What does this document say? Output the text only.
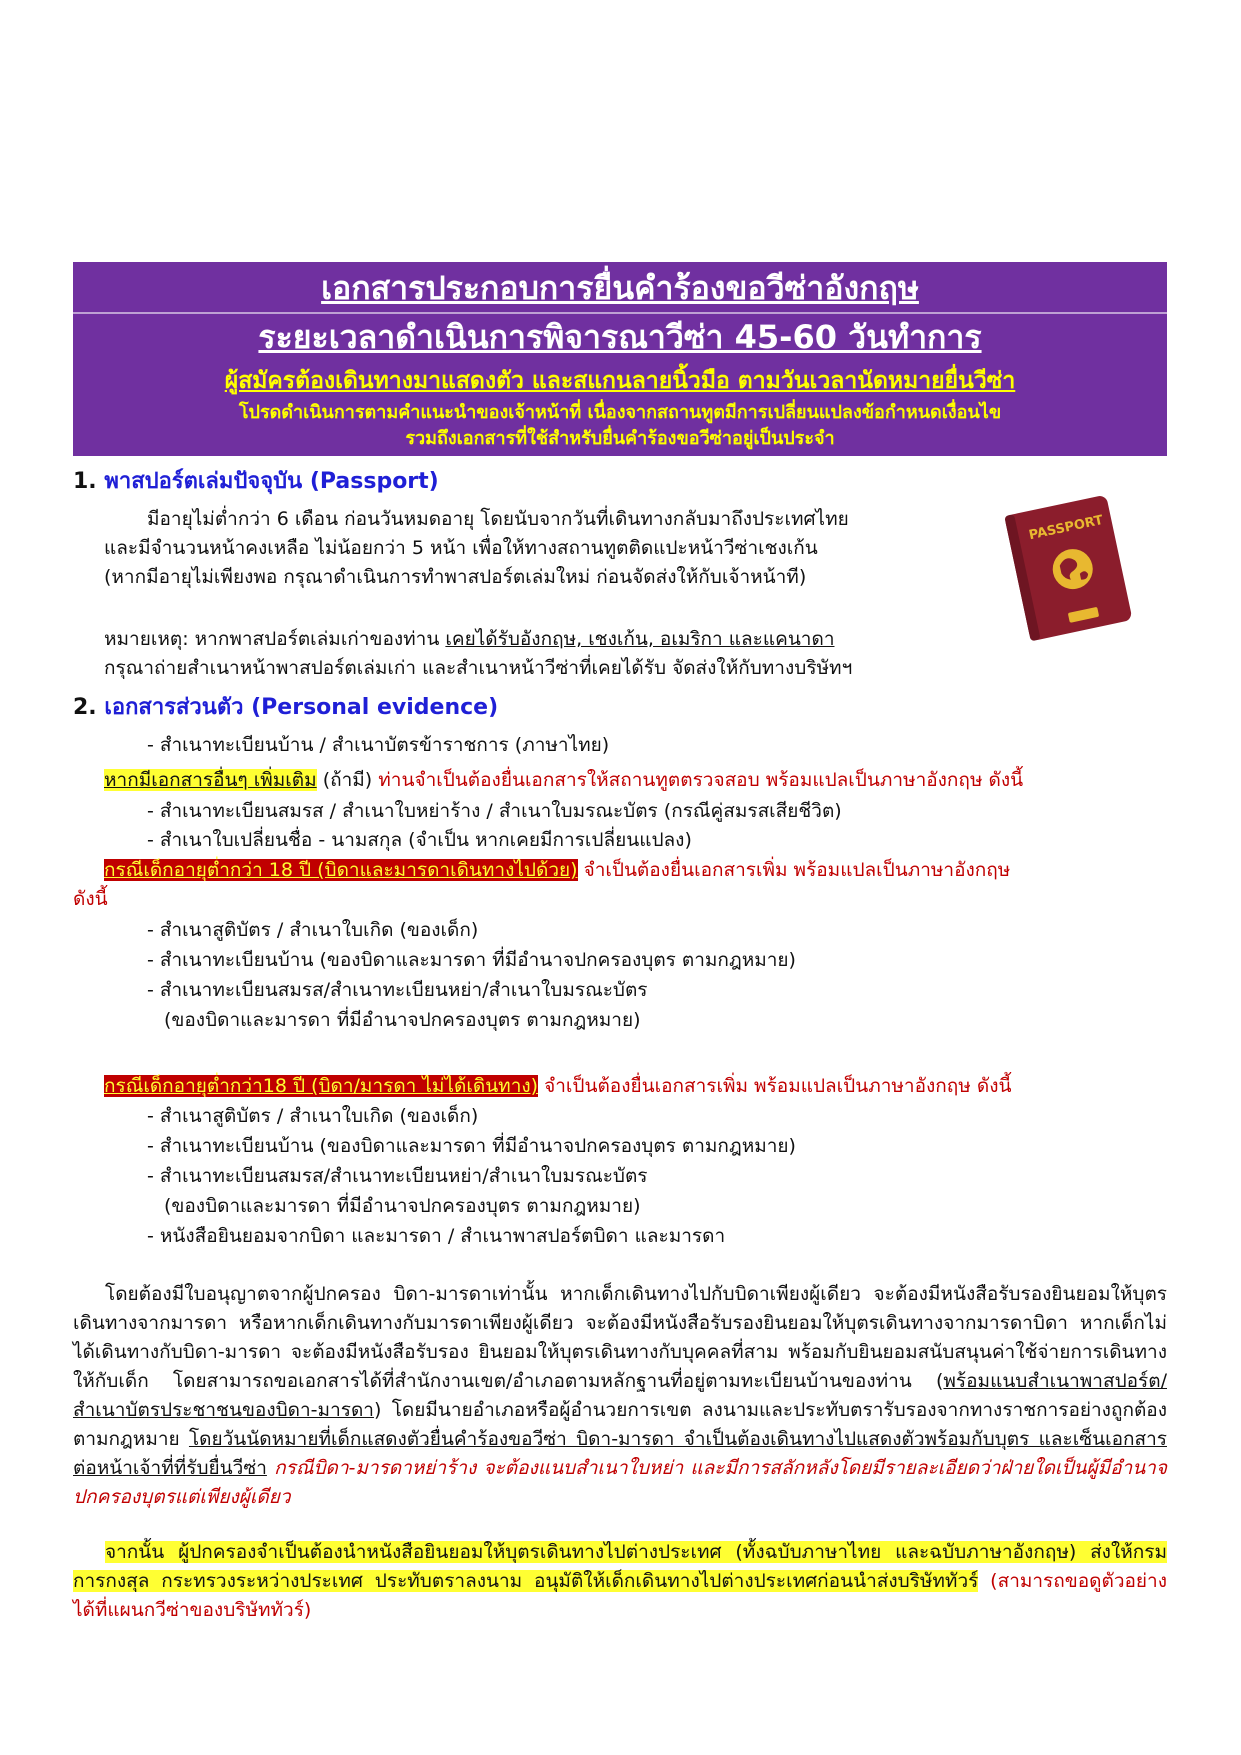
เอกสารประกอบการยื่นคำร้องขอวีซ่าอังกฤษ
ระยะเวลาดำเนินการพิจารณาวีซ่า 45-60 วันทำการ
ผู้สมัครต้องเดินทางมาแสดงตัว และสแกนลายนิ้วมือ ตามวันเวลานัดหมายยื่นวีซ่า
โปรดดำเนินการตามคำแนะนำของเจ้าหน้าที่ เนื่องจากสถานทูตมีการเปลี่ยนแปลงข้อกำหนดเงื่อนไข
รวมถึงเอกสารที่ใช้สำหรับยื่นคำร้องขอวีซ่าอยู่เป็นประจำ
1. พาสปอร์ตเล่มปัจจุบัน (Passport)
มีอายุไม่ต่ำกว่า 6 เดือน ก่อนวันหมดอายุ โดยนับจากวันที่เดินทางกลับมาถึงประเทศไทย
และมีจำนวนหน้าคงเหลือ ไม่น้อยกว่า 5 หน้า เพื่อให้ทางสถานทูตติดแปะหน้าวีซ่าเชงเก้น
(หากมีอายุไม่เพียงพอ กรุณาดำเนินการทำพาสปอร์ตเล่มใหม่ ก่อนจัดส่งให้กับเจ้าหน้าที)
หมายเหตุ: หากพาสปอร์ตเล่มเก่าของท่าน เคยได้รับอังกฤษ, เชงเก้น, อเมริกา และแคนาดา
กรุณาถ่ายสำเนาหน้าพาสปอร์ตเล่มเก่า และสำเนาหน้าวีซ่าที่เคยได้รับ จัดส่งให้กับทางบริษัทฯ
PASSPORT
2. เอกสารส่วนตัว (Personal evidence)
- สำเนาทะเบียนบ้าน / สำเนาบัตรข้าราชการ (ภาษาไทย)
หากมีเอกสารอื่นๆ เพิ่มเติม (ถ้ามี) ท่านจำเป็นต้องยื่นเอกสารให้สถานทูตตรวจสอบ พร้อมแปลเป็นภาษาอังกฤษ ดังนี้
- สำเนาทะเบียนสมรส / สำเนาใบหย่าร้าง / สำเนาใบมรณะบัตร (กรณีคู่สมรสเสียชีวิต)
- สำเนาใบเปลี่ยนชื่อ - นามสกุล (จำเป็น หากเคยมีการเปลี่ยนแปลง)
กรณีเด็กอายุต่ำกว่า 18 ปี (บิดาและมารดาเดินทางไปด้วย) จำเป็นต้องยื่นเอกสารเพิ่ม พร้อมแปลเป็นภาษาอังกฤษ
ดังนี้
- สำเนาสูติบัตร / สำเนาใบเกิด (ของเด็ก)
- สำเนาทะเบียนบ้าน (ของบิดาและมารดา ที่มีอำนาจปกครองบุตร ตามกฎหมาย)
- สำเนาทะเบียนสมรส/สำเนาทะเบียนหย่า/สำเนาใบมรณะบัตร
(ของบิดาและมารดา ที่มีอำนาจปกครองบุตร ตามกฎหมาย)
กรณีเด็กอายุต่ำกว่า18 ปี (บิดา/มารดา ไม่ได้เดินทาง) จำเป็นต้องยื่นเอกสารเพิ่ม พร้อมแปลเป็นภาษาอังกฤษ ดังนี้
- สำเนาสูติบัตร / สำเนาใบเกิด (ของเด็ก)
- สำเนาทะเบียนบ้าน (ของบิดาและมารดา ที่มีอำนาจปกครองบุตร ตามกฎหมาย)
- สำเนาทะเบียนสมรส/สำเนาทะเบียนหย่า/สำเนาใบมรณะบัตร
(ของบิดาและมารดา ที่มีอำนาจปกครองบุตร ตามกฎหมาย)
- หนังสือยินยอมจากบิดา และมารดา / สำเนาพาสปอร์ตบิดา และมารดา
โดยต้องมีใบอนุญาตจากผู้ปกครอง บิดา-มารดาเท่านั้น หากเด็กเดินทางไปกับบิดาเพียงผู้เดียว จะต้องมีหนังสือรับรองยินยอมให้บุตรเดินทางจากมารดา หรือหากเด็กเดินทางกับมารดาเพียงผู้เดียว จะต้องมีหนังสือรับรองยินยอมให้บุตรเดินทางจากมารดาบิดา หากเด็กไม่ได้เดินทางกับบิดา-มารดา จะต้องมีหนังสือรับรอง ยินยอมให้บุตรเดินทางกับบุคคลที่สาม พร้อมกับยินยอมสนับสนุนค่าใช้จ่ายการเดินทางให้กับเด็ก โดยสามารถขอเอกสารได้ที่สำนักงานเขต/อำเภอตามหลักฐานที่อยู่ตามทะเบียนบ้านของท่าน (พร้อมแนบสำเนาพาสปอร์ต/สำเนาบัตรประชาชนของบิดา-มารดา) โดยมีนายอำเภอหรือผู้อำนวยการเขต ลงนามและประทับตรารับรองจากทางราชการอย่างถูกต้องตามกฎหมาย โดยวันนัดหมายที่เด็กแสดงตัวยื่นคำร้องขอวีซ่า บิดา-มารดา จำเป็นต้องเดินทางไปแสดงตัวพร้อมกับบุตร และเซ็นเอกสารต่อหน้าเจ้าที่ที่รับยื่นวีซ่า กรณีบิดา-มารดาหย่าร้าง จะต้องแนบสำเนาใบหย่า และมีการสลักหลังโดยมีรายละเอียดว่าฝ่ายใดเป็นผู้มีอำนาจปกครองบุตรแต่เพียงผู้เดียว
จากนั้น ผู้ปกครองจำเป็นต้องนำหนังสือยินยอมให้บุตรเดินทางไปต่างประเทศ (ทั้งฉบับภาษาไทย และฉบับภาษาอังกฤษ) ส่งให้กรมการกงสุล กระทรวงระหว่างประเทศ ประทับตราลงนาม อนุมัติให้เด็กเดินทางไปต่างประเทศก่อนนำส่งบริษัททัวร์ (สามารถขอดูตัวอย่างได้ที่แผนกวีซ่าของบริษัททัวร์)
